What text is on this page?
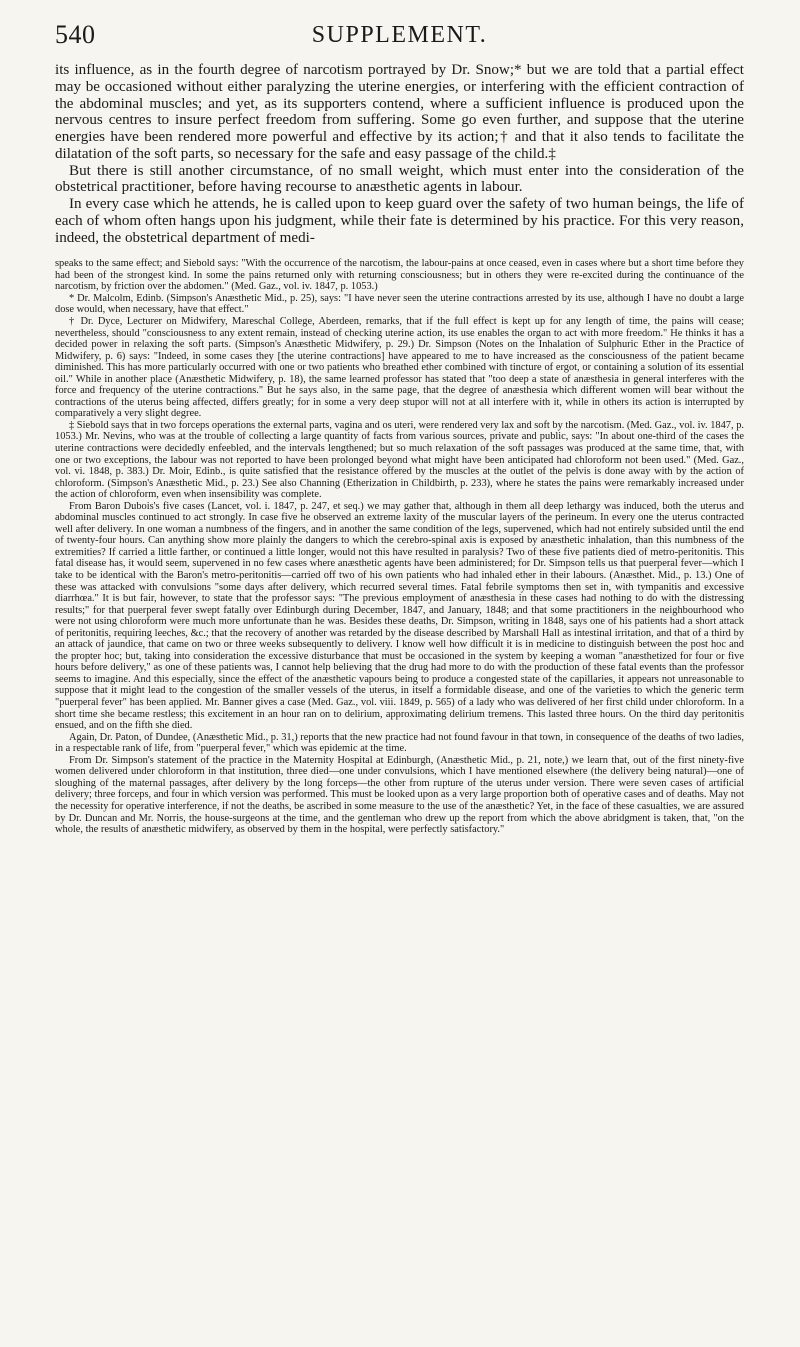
540	SUPPLEMENT.

its influence, as in the fourth degree of narcotism portrayed by Dr. Snow;* but we are told that a partial effect may be occasioned without either paralyzing the uterine energies, or interfering with the efficient contraction of the abdominal muscles; and yet, as its supporters contend, where a sufficient influence is produced upon the nervous centres to insure perfect freedom from suffering. Some go even further, and suppose that the uterine energies have been rendered more powerful and effective by its action;† and that it also tends to facilitate the dilatation of the soft parts, so necessary for the safe and easy passage of the child.‡

But there is still another circumstance, of no small weight, which must enter into the consideration of the obstetrical practitioner, before having recourse to anæsthetic agents in labour.

In every case which he attends, he is called upon to keep guard over the safety of two human beings, the life of each of whom often hangs upon his judgment, while their fate is determined by his practice. For this very reason, indeed, the obstetrical department of medi-

speaks to the same effect; and Siebold says: "With the occurrence of the narcotism, the labour-pains at once ceased, even in cases where but a short time before they had been of the strongest kind. In some the pains returned only with returning consciousness; but in others they were re-excited during the continuance of the narcotism, by friction over the abdomen." (Med. Gaz., vol. iv. 1847, p. 1053.)

* Dr. Malcolm, Edinb. (Simpson's Anæsthetic Mid., p. 25), says: "I have never seen the uterine contractions arrested by its use, although I have no doubt a large dose would, when necessary, have that effect."

† Dr. Dyce, Lecturer on Midwifery, Mareschal College, Aberdeen, remarks, that if the full effect is kept up for any length of time, the pains will cease; nevertheless, should "consciousness to any extent remain, instead of checking uterine action, its use enables the organ to act with more freedom." He thinks it has a decided power in relaxing the soft parts. (Simpson's Anæsthetic Midwifery, p. 29.) Dr. Simpson (Notes on the Inhalation of Sulphuric Ether in the Practice of Midwifery, p. 6) says: "Indeed, in some cases they [the uterine contractions] have appeared to me to have increased as the consciousness of the patient became diminished. This has more particularly occurred with one or two patients who breathed ether combined with tincture of ergot, or containing a solution of its essential oil." While in another place (Anæsthetic Midwifery, p. 18), the same learned professor has stated that "too deep a state of anæsthesia in general interferes with the force and frequency of the uterine contractions." But he says also, in the same page, that the degree of anæsthesia which different women will bear without the contractions of the uterus being affected, differs greatly; for in some a very deep stupor will not at all interfere with it, while in others its action is interrupted by comparatively a very slight degree.

‡ Siebold says that in two forceps operations the external parts, vagina and os uteri, were rendered very lax and soft by the narcotism. (Med. Gaz., vol. iv. 1847, p. 1053.) Mr. Nevins, who was at the trouble of collecting a large quantity of facts from various sources, private and public, says: "In about one-third of the cases the uterine contractions were decidedly enfeebled, and the intervals lengthened; but so much relaxation of the soft passages was produced at the same time, that, with one or two exceptions, the labour was not reported to have been prolonged beyond what might have been anticipated had chloroform not been used." (Med. Gaz., vol. vi. 1848, p. 383.) Dr. Moir, Edinb., is quite satisfied that the resistance offered by the muscles at the outlet of the pelvis is done away with by the action of chloroform. (Simpson's Anæsthetic Mid., p. 23.) See also Channing (Etherization in Childbirth, p. 233), where he states the pains were remarkably increased under the action of chloroform, even when insensibility was complete.

From Baron Dubois's five cases (Lancet, vol. i. 1847, p. 247, et seq.) we may gather that, although in them all deep lethargy was induced, both the uterus and abdominal muscles continued to act strongly. In case five he observed an extreme laxity of the muscular layers of the perineum. In every one the uterus contracted well after delivery. In one woman a numbness of the fingers, and in another the same condition of the legs, supervened, which had not entirely subsided until the end of twenty-four hours. Can anything show more plainly the dangers to which the cerebro-spinal axis is exposed by anæsthetic inhalation, than this numbness of the extremities? If carried a little farther, or continued a little longer, would not this have resulted in paralysis? Two of these five patients died of metro-peritonitis. This fatal disease has, it would seem, supervened in no few cases where anæsthetic agents have been administered; for Dr. Simpson tells us that puerperal fever—which I take to be identical with the Baron's metro-peritonitis—carried off two of his own patients who had inhaled ether in their labours. (Anæsthet. Mid., p. 13.) One of these was attacked with convulsions "some days after delivery, which recurred several times. Fatal febrile symptoms then set in, with tympanitis and excessive diarrhœa." It is but fair, however, to state that the professor says: "The previous employment of anæsthesia in these cases had nothing to do with the distressing results;" for that puerperal fever swept fatally over Edinburgh during December, 1847, and January, 1848; and that some practitioners in the neighbourhood who were not using chloroform were much more unfortunate than he was. Besides these deaths, Dr. Simpson, writing in 1848, says one of his patients had a short attack of peritonitis, requiring leeches, &c.; that the recovery of another was retarded by the disease described by Marshall Hall as intestinal irritation, and that of a third by an attack of jaundice, that came on two or three weeks subsequently to delivery. I know well how difficult it is in medicine to distinguish between the post hoc and the propter hoc; but, taking into consideration the excessive disturbance that must be occasioned in the system by keeping a woman "anæsthetized for four or five hours before delivery," as one of these patients was, I cannot help believing that the drug had more to do with the production of these fatal events than the professor seems to imagine. And this especially, since the effect of the anæsthetic vapours being to produce a congested state of the capillaries, it appears not unreasonable to suppose that it might lead to the congestion of the smaller vessels of the uterus, in itself a formidable disease, and one of the varieties to which the generic term "puerperal fever" has been applied. Mr. Banner gives a case (Med. Gaz., vol. viii. 1849, p. 565) of a lady who was delivered of her first child under chloroform. In a short time she became restless; this excitement in an hour ran on to delirium, approximating delirium tremens. This lasted three hours. On the third day peritonitis ensued, and on the fifth she died.

Again, Dr. Paton, of Dundee, (Anæsthetic Mid., p. 31,) reports that the new practice had not found favour in that town, in consequence of the deaths of two ladies, in a respectable rank of life, from "puerperal fever," which was epidemic at the time.

From Dr. Simpson's statement of the practice in the Maternity Hospital at Edinburgh, (Anæsthetic Mid., p. 21, note,) we learn that, out of the first ninety-five women delivered under chloroform in that institution, three died—one under convulsions, which I have mentioned elsewhere (the delivery being natural)—one of sloughing of the maternal passages, after delivery by the long forceps—the other from rupture of the uterus under version. There were seven cases of artificial delivery; three forceps, and four in which version was performed. This must be looked upon as a very large proportion both of operative cases and of deaths. May not the necessity for operative interference, if not the deaths, be ascribed in some measure to the use of the anæsthetic? Yet, in the face of these casualties, we are assured by Dr. Duncan and Mr. Norris, the house-surgeons at the time, and the gentleman who drew up the report from which the above abridgment is taken, that, "on the whole, the results of anæsthetic midwifery, as observed by them in the hospital, were perfectly satisfactory."
